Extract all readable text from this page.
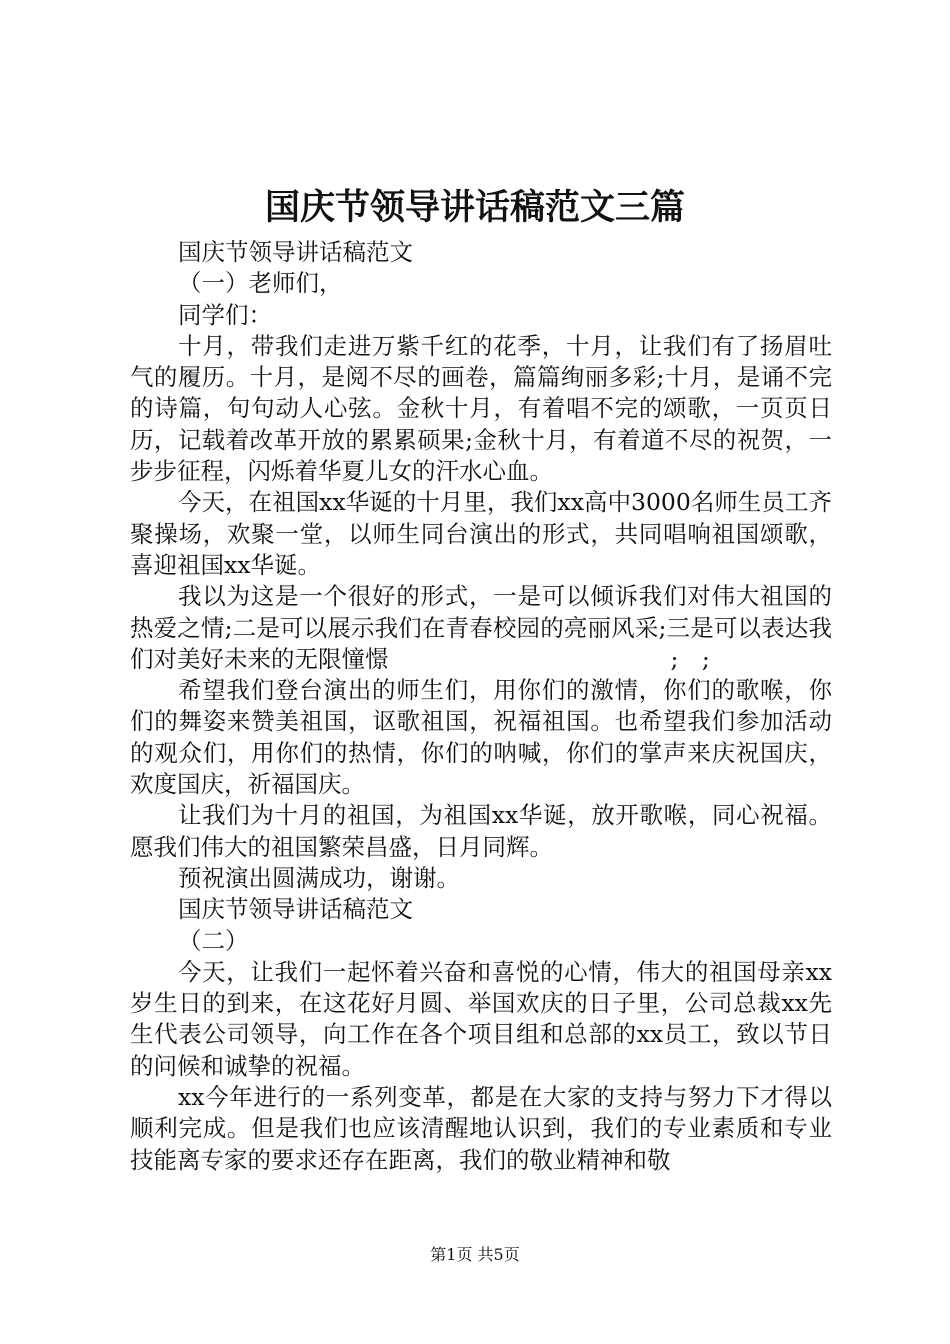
国庆节领导讲话稿范文三篇

国庆节领导讲话稿范文

（一）老师们，

同学们：

十月，带我们走进万紫千红的花季，十月，让我们有了扬眉吐气的履历。十月，是阅不尽的画卷，篇篇绚丽多彩;十月，是诵不完的诗篇，句句动人心弦。金秋十月，有着唱不完的颂歌，一页页日历，记载着改革开放的累累硕果;金秋十月，有着道不尽的祝贺，一步步征程，闪烁着华夏儿女的汗水心血。

今天，在祖国xx华诞的十月里，我们xx高中3000名师生员工齐聚操场，欢聚一堂，以师生同台演出的形式，共同唱响祖国颂歌，喜迎祖国xx华诞。

我以为这是一个很好的形式，一是可以倾诉我们对伟大祖国的热爱之情;二是可以展示我们在青春校园的亮丽风采;三是可以表达我们对美好未来的无限憧憬　　　　　　　　　　　　;　;

希望我们登台演出的师生们，用你们的激情，你们的歌喉，你们的舞姿来赞美祖国，讴歌祖国，祝福祖国。也希望我们参加活动的观众们，用你们的热情，你们的呐喊，你们的掌声来庆祝国庆，欢度国庆，祈福国庆。

让我们为十月的祖国，为祖国xx华诞，放开歌喉，同心祝福。愿我们伟大的祖国繁荣昌盛，日月同辉。

预祝演出圆满成功，谢谢。

国庆节领导讲话稿范文

（二）

今天，让我们一起怀着兴奋和喜悦的心情，伟大的祖国母亲xx岁生日的到来，在这花好月圆、举国欢庆的日子里，公司总裁xx先生代表公司领导，向工作在各个项目组和总部的xx员工，致以节日的问候和诚挚的祝福。

xx今年进行的一系列变革，都是在大家的支持与努力下才得以顺利完成。但是我们也应该清醒地认识到，我们的专业素质和专业技能离专家的要求还存在距离，我们的敬业精神和敬

第1页 共5页
